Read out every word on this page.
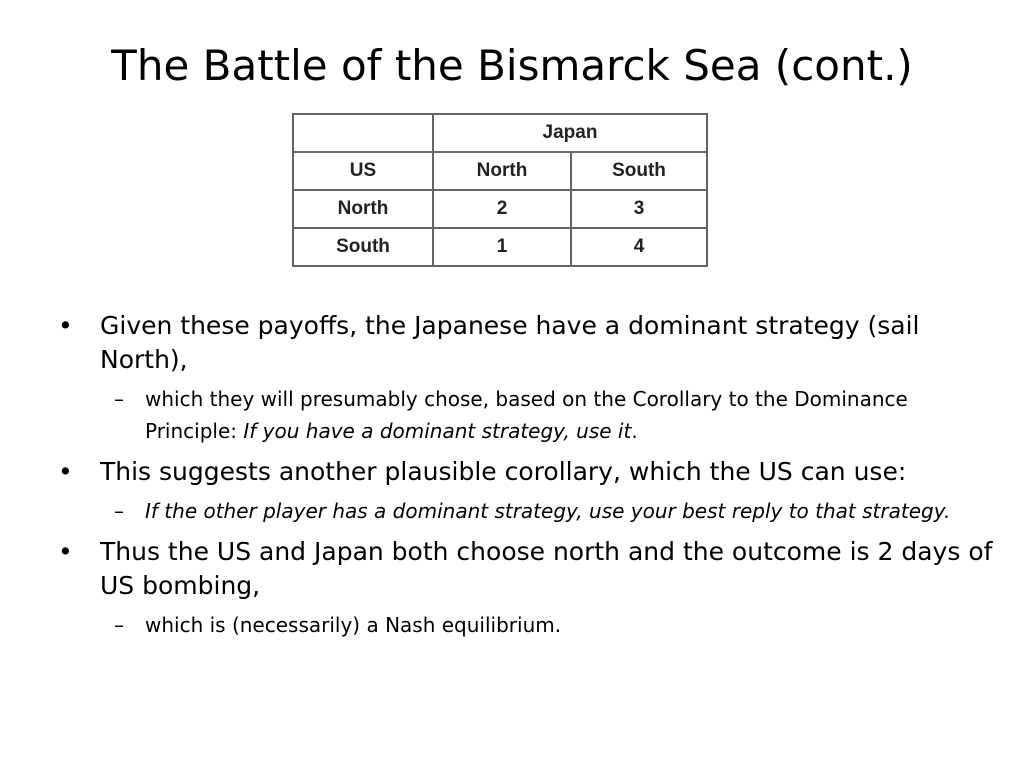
The Battle of the Bismarck Sea (cont.)
	Japan	
US	North	South
North	2	3
South	1	4
• Given these payoffs, the Japanese have a dominant strategy (sail North),
– which they will presumably chose, based on the Corollary to the Dominance Principle: If you have a dominant strategy, use it.
• This suggests another plausible corollary, which the US can use:
– If the other player has a dominant strategy, use your best reply to that strategy.
• Thus the US and Japan both choose north and the outcome is 2 days of US bombing,
– which is (necessarily) a Nash equilibrium.
